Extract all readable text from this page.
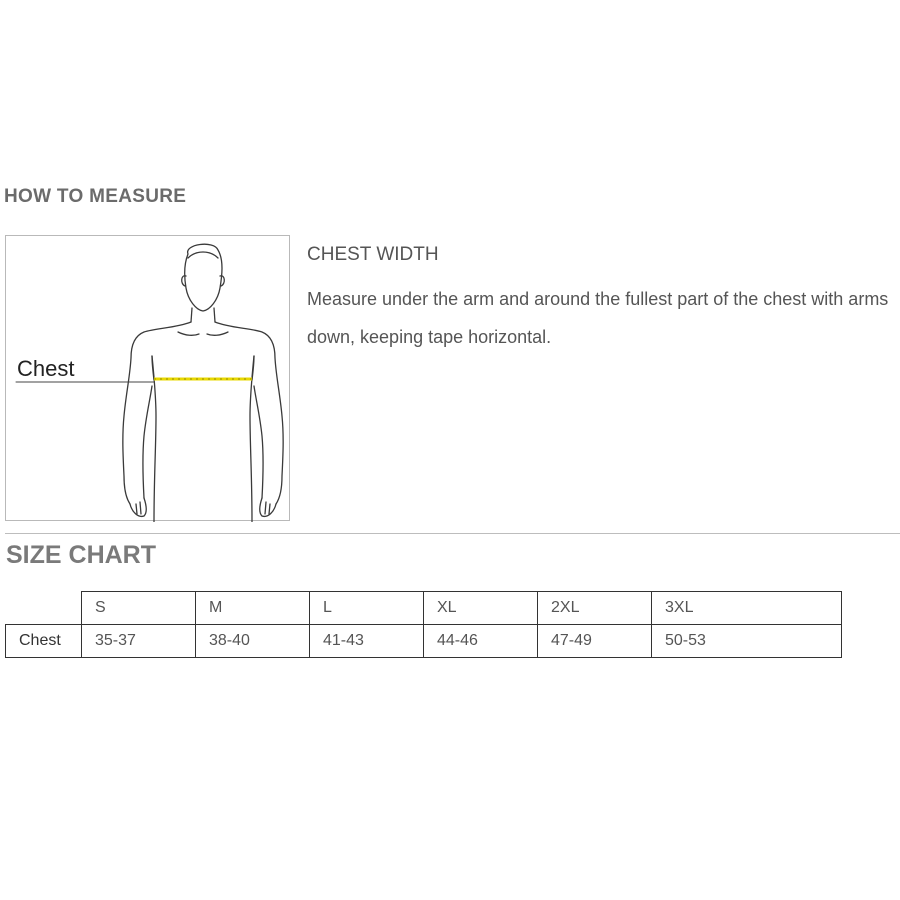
HOW TO MEASURE

Chest

CHEST WIDTH

Measure under the arm and around the fullest part of the chest with arms down, keeping tape horizontal.

SIZE CHART
	S	M	L	XL	2XL	3XL
Chest	35-37	38-40	41-43	44-46	47-49	50-53
